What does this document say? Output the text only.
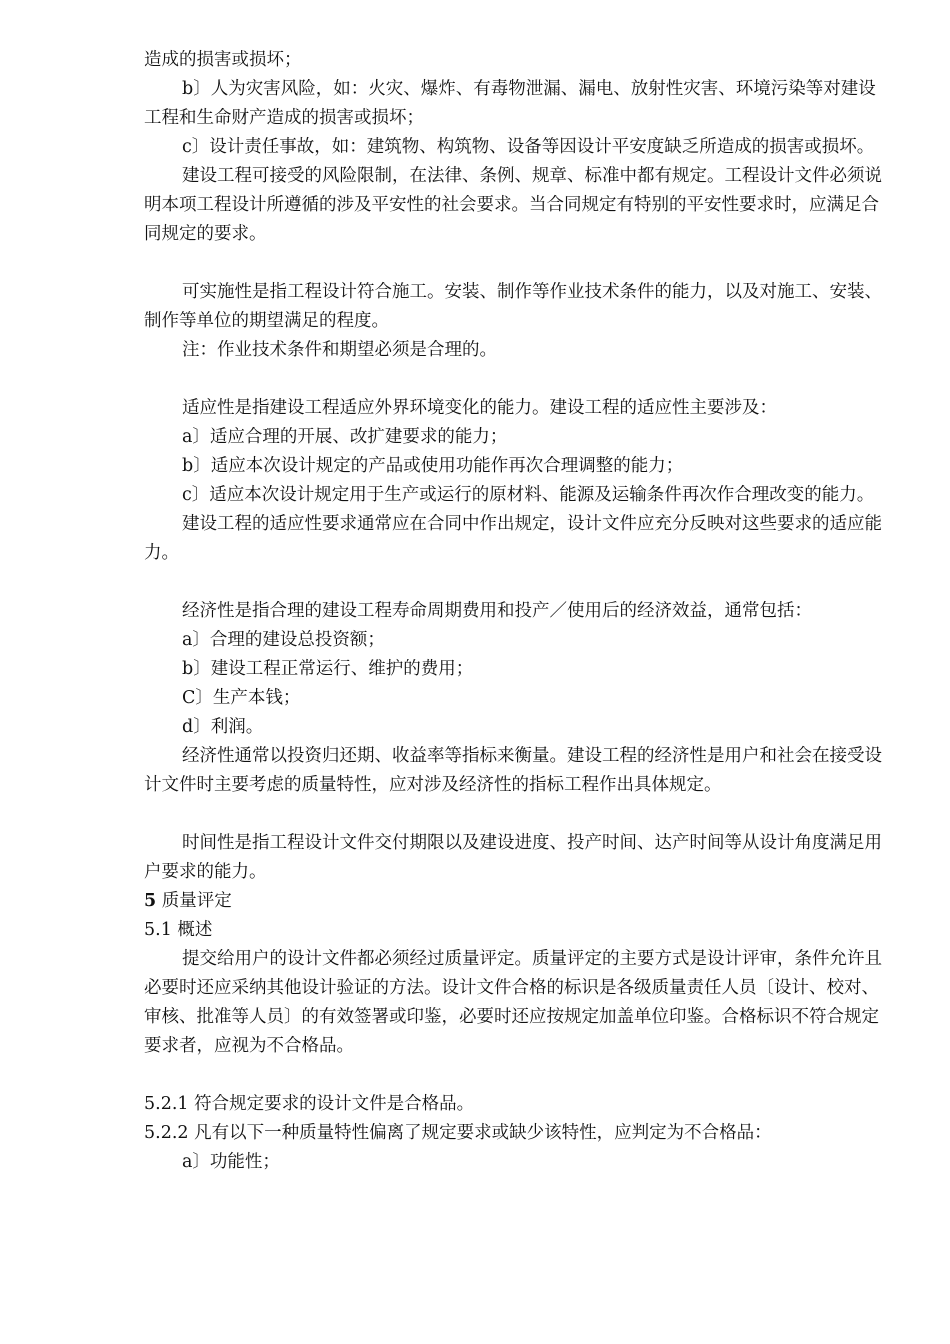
造成的损害或损坏；

b〕人为灾害风险，如：火灾、爆炸、有毒物泄漏、漏电、放射性灾害、环境污染等对建设工程和生命财产造成的损害或损坏；

c〕设计责任事故，如：建筑物、构筑物、设备等因设计平安度缺乏所造成的损害或损坏。

建设工程可接受的风险限制，在法律、条例、规章、标准中都有规定。工程设计文件必须说明本项工程设计所遵循的涉及平安性的社会要求。当合同规定有特别的平安性要求时，应满足合同规定的要求。

可实施性是指工程设计符合施工。安装、制作等作业技术条件的能力，以及对施工、安装、制作等单位的期望满足的程度。

注：作业技术条件和期望必须是合理的。

适应性是指建设工程适应外界环境变化的能力。建设工程的适应性主要涉及：

a〕适应合理的开展、改扩建要求的能力；

b〕适应本次设计规定的产品或使用功能作再次合理调整的能力；

c〕适应本次设计规定用于生产或运行的原材料、能源及运输条件再次作合理改变的能力。

建设工程的适应性要求通常应在合同中作出规定，设计文件应充分反映对这些要求的适应能力。

经济性是指合理的建设工程寿命周期费用和投产／使用后的经济效益，通常包括：

a〕合理的建设总投资额；

b〕建设工程正常运行、维护的费用；

C〕生产本钱；

d〕利润。

经济性通常以投资归还期、收益率等指标来衡量。建设工程的经济性是用户和社会在接受设计文件时主要考虑的质量特性，应对涉及经济性的指标工程作出具体规定。

时间性是指工程设计文件交付期限以及建设进度、投产时间、达产时间等从设计角度满足用户要求的能力。

5 质量评定

5.1 概述

提交给用户的设计文件都必须经过质量评定。质量评定的主要方式是设计评审，条件允许且必要时还应采纳其他设计验证的方法。设计文件合格的标识是各级质量责任人员〔设计、校对、审核、批准等人员〕的有效签署或印鉴，必要时还应按规定加盖单位印鉴。合格标识不符合规定要求者，应视为不合格品。

5.2.1 符合规定要求的设计文件是合格品。

5.2.2 凡有以下一种质量特性偏离了规定要求或缺少该特性，应判定为不合格品：

a〕功能性；
